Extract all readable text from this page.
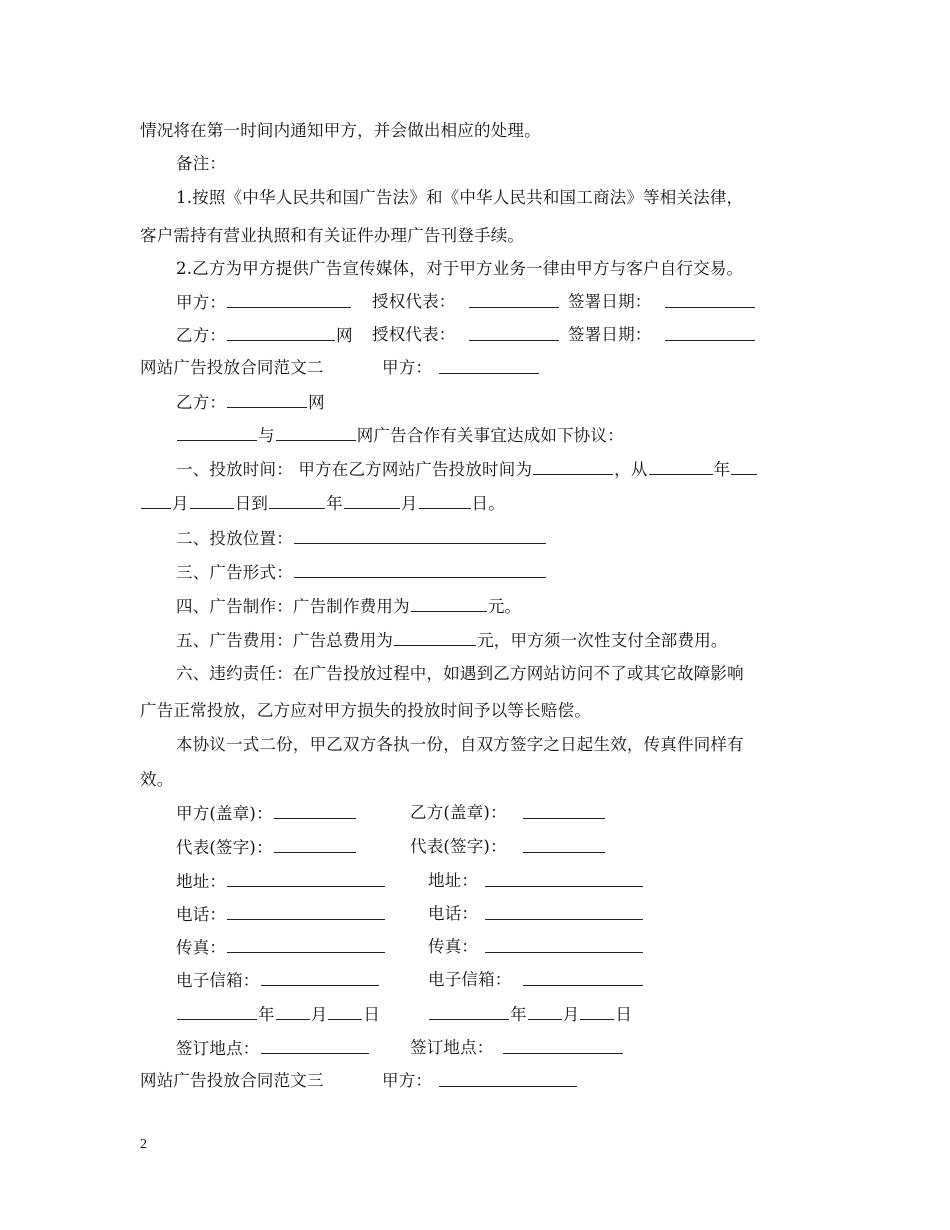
情况将在第一时间内通知甲方，并会做出相应的处理。
备注：
1.按照《中华人民共和国广告法》和《中华人民共和国工商法》等相关法律，
客户需持有营业执照和有关证件办理广告刊登手续。
2.乙方为甲方提供广告宣传媒体，对于甲方业务一律由甲方与客户自行交易。
甲方：	授权代表：	签署日期：
乙方：	网 授权代表：	签署日期：
网站广告投放合同范文二	甲方：
乙方：	网
与	网广告合作有关事宜达成如下协议：
一、投放时间： 甲方在乙方网站广告投放时间为	，从	年
月	日到	年	月	日。
二、投放位置：
三、广告形式：
四、广告制作：广告制作费用为	元。
五、广告费用：广告总费用为	元，甲方须一次性支付全部费用。
六、违约责任：在广告投放过程中，如遇到乙方网站访问不了或其它故障影响
广告正常投放，乙方应对甲方损失的投放时间予以等长赔偿。
本协议一式二份，甲乙双方各执一份，自双方签字之日起生效，传真件同样有
效。
甲方(盖章)：	乙方(盖章)：
代表(签字)：	代表(签字)：
地址：	地址：
电话：	电话：
传真：	传真：
电子信箱：	电子信箱：
年 月 日	年 月 日
签订地点：	签订地点：
网站广告投放合同范文三	甲方：
2
